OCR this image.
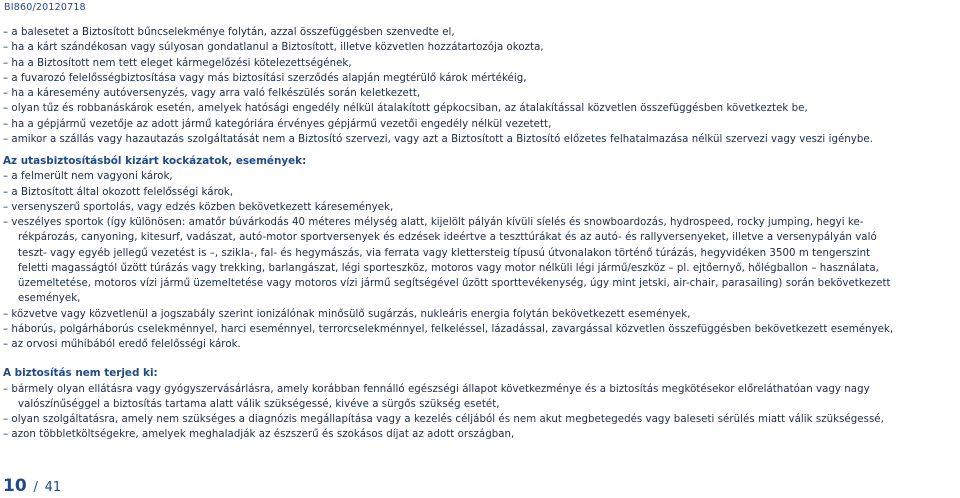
BI860/20120718
– a balesetet a Biztosított bűncselekménye folytán, azzal összefüggésben szenvedte el,
– ha a kárt szándékosan vagy súlyosan gondatlanul a Biztosított, illetve közvetlen hozzátartozója okozta,
– ha a Biztosított nem tett eleget kármegelőzési kötelezettségének,
– a fuvarozó felelősségbiztosítása vagy más biztosítási szerződés alapján megtérülő károk mértékéig,
– ha a káresemény autóversenyzés, vagy arra való felkészülés során keletkezett,
– olyan tűz és robbanáskárok esetén, amelyek hatósági engedély nélkül átalakított gépkocsiban, az átalakítással közvetlen összefüggésben következtek be,
– ha a gépjármű vezetője az adott jármű kategóriára érvényes gépjármű vezetői engedély nélkül vezetett,
– amikor a szállás vagy hazautazás szolgáltatását nem a Biztosító szervezi, vagy azt a Biztosított a Biztosító előzetes felhatalmazása nélkül szervezi vagy veszi igénybe.
Az utasbiztosításból kizárt kockázatok, események:
– a felmerült nem vagyoni károk,
– a Biztosított által okozott felelősségi károk,
– versenyszerű sportolás, vagy edzés közben bekövetkezett káresemények,
– veszélyes sportok (így különösen: amatőr búvárkodás 40 méteres mélység alatt, kijelölt pályán kívüli síelés és snowboardozás, hydrospeed, rocky jumping, hegyi ke-
rékpározás, canyoning, kitesurf, vadászat, autó-motor sportversenyek és edzések ideértve a teszttúrákat és az autó- és rallyversenyeket, illetve a versenypályán való
teszt- vagy egyéb jellegű vezetést is –, szikla-, fal- és hegymászás, via ferrata vagy klettersteig típusú útvonalakon történő túrázás, hegyvidéken 3500 m tengerszint
feletti magasságtól űzött túrázás vagy trekking, barlangászat, légi sporteszköz, motoros vagy motor nélküli légi jármű/eszköz – pl. ejtőernyő, hőlégballon – használata,
üzemeltetése, motoros vízi jármű üzemeltetése vagy motoros vízi jármű segítségével űzött sporttevékenység, úgy mint jetski, air-chair, parasailing) során bekövetkezett
események,
– közvetve vagy közvetlenül a jogszabály szerint ionizálónak minősülő sugárzás, nukleáris energia folytán bekövetkezett események,
– háborús, polgárháborús cselekménnyel, harci eseménnyel, terrorcselekménnyel, felkeléssel, lázadással, zavargással közvetlen összefüggésben bekövetkezett események,
– az orvosi műhibából eredő felelősségi károk.
A biztosítás nem terjed ki:
– bármely olyan ellátásra vagy gyógyszervásárlásra, amely korábban fennálló egészségi állapot következménye és a biztosítás megkötésekor előreláthatóan vagy nagy
valószínűséggel a biztosítás tartama alatt válik szükségessé, kivéve a sürgős szükség esetét,
– olyan szolgáltatásra, amely nem szükséges a diagnózis megállapítása vagy a kezelés céljából és nem akut megbetegedés vagy baleseti sérülés miatt válik szükségessé,
– azon többletköltségekre, amelyek meghaladják az észszerű és szokásos díjat az adott országban,
10 / 41
